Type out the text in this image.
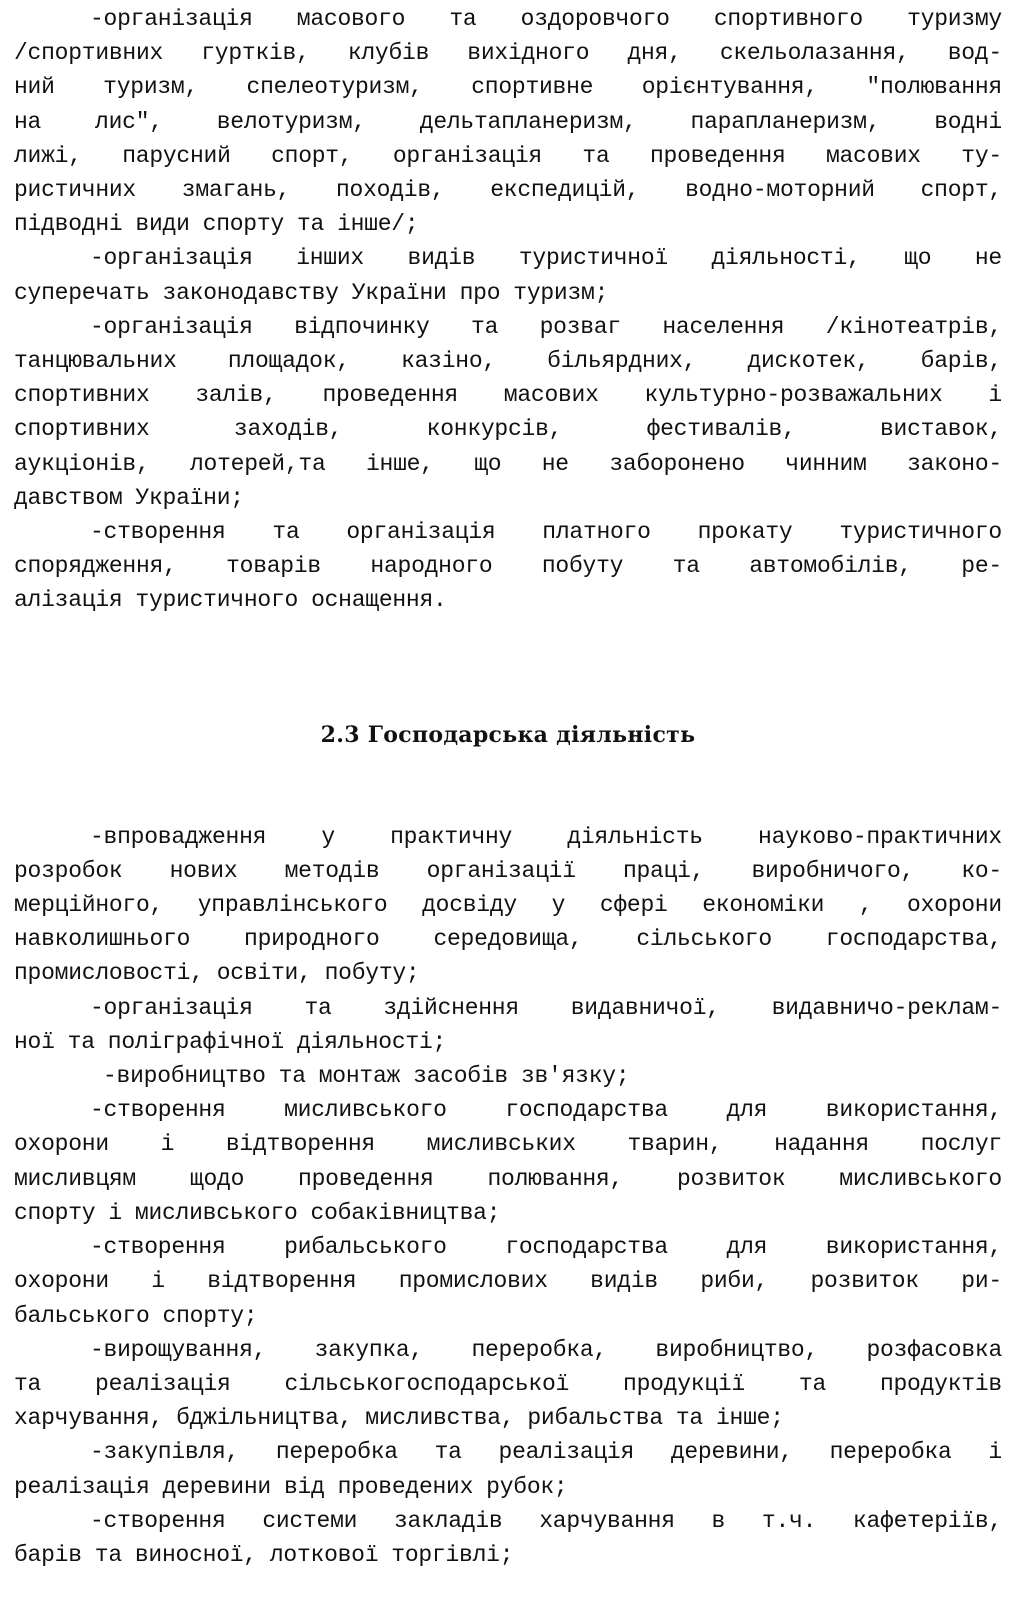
-організація масового та оздоровчого спортивного туризму
/спортивних гуртків, клубів вихідного дня, скельолазання, вод-
ний туризм, спелеотуризм, спортивне орієнтування, "полювання
на лис", велотуризм, дельтапланеризм, парапланеризм, водні
лижі, парусний спорт, організація та проведення масових ту-
ристичних змагань, походів, експедицій, водно-моторний спорт,
підводні види спорту та інше/;
-організація інших видів туристичної діяльності, що не
суперечать законодавству України про туризм;
-організація відпочинку та розваг населення /кінотеатрів,
танцювальних площадок, казіно, більярдних, дискотек, барів,
спортивних залів, проведення масових культурно-розважальних і
спортивних	заходів,	конкурсів,	фестивалів,	виставок,
аукціонів, лотерей,та інше, що не заборонено чинним законо-
давством України;
-створення та організація платного прокату туристичного
спорядження, товарів народного побуту та автомобілів, ре-
алізація туристичного оснащення.
2.3 Господарська діяльність
-впровадження у практичну діяльність науково-практичних
розробок нових методів організації праці, виробничого, ко-
мерційного, управлінського досвіду у сфері економіки , охорони
навколишнього природного середовища, сільського господарства,
промисловості, освіти, побуту;
-організація та здійснення видавничої, видавничо-реклам-
ної та поліграфічної діяльності;
-виробництво та монтаж засобів зв'язку;
-створення	мисливського	господарства	для	використання,
охорони і відтворення мисливських тварин, надання послуг
мисливцям щодо проведення полювання, розвиток мисливського
спорту і мисливського собаківництва;
-створення	рибальського	господарства	для	використання,
охорони і відтворення промислових видів риби, розвиток ри-
бальського спорту;
-вирощування, закупка, переробка, виробництво, розфасовка
та реалізація сільськогосподарської продукції та продуктів
харчування, бджільництва, мисливства, рибальства та інше;
-закупівля, переробка та реалізація деревини, переробка і
реалізація деревини від проведених рубок;
-створення системи закладів харчування в т.ч. кафетеріїв,
барів та виносної, лоткової торгівлі;
